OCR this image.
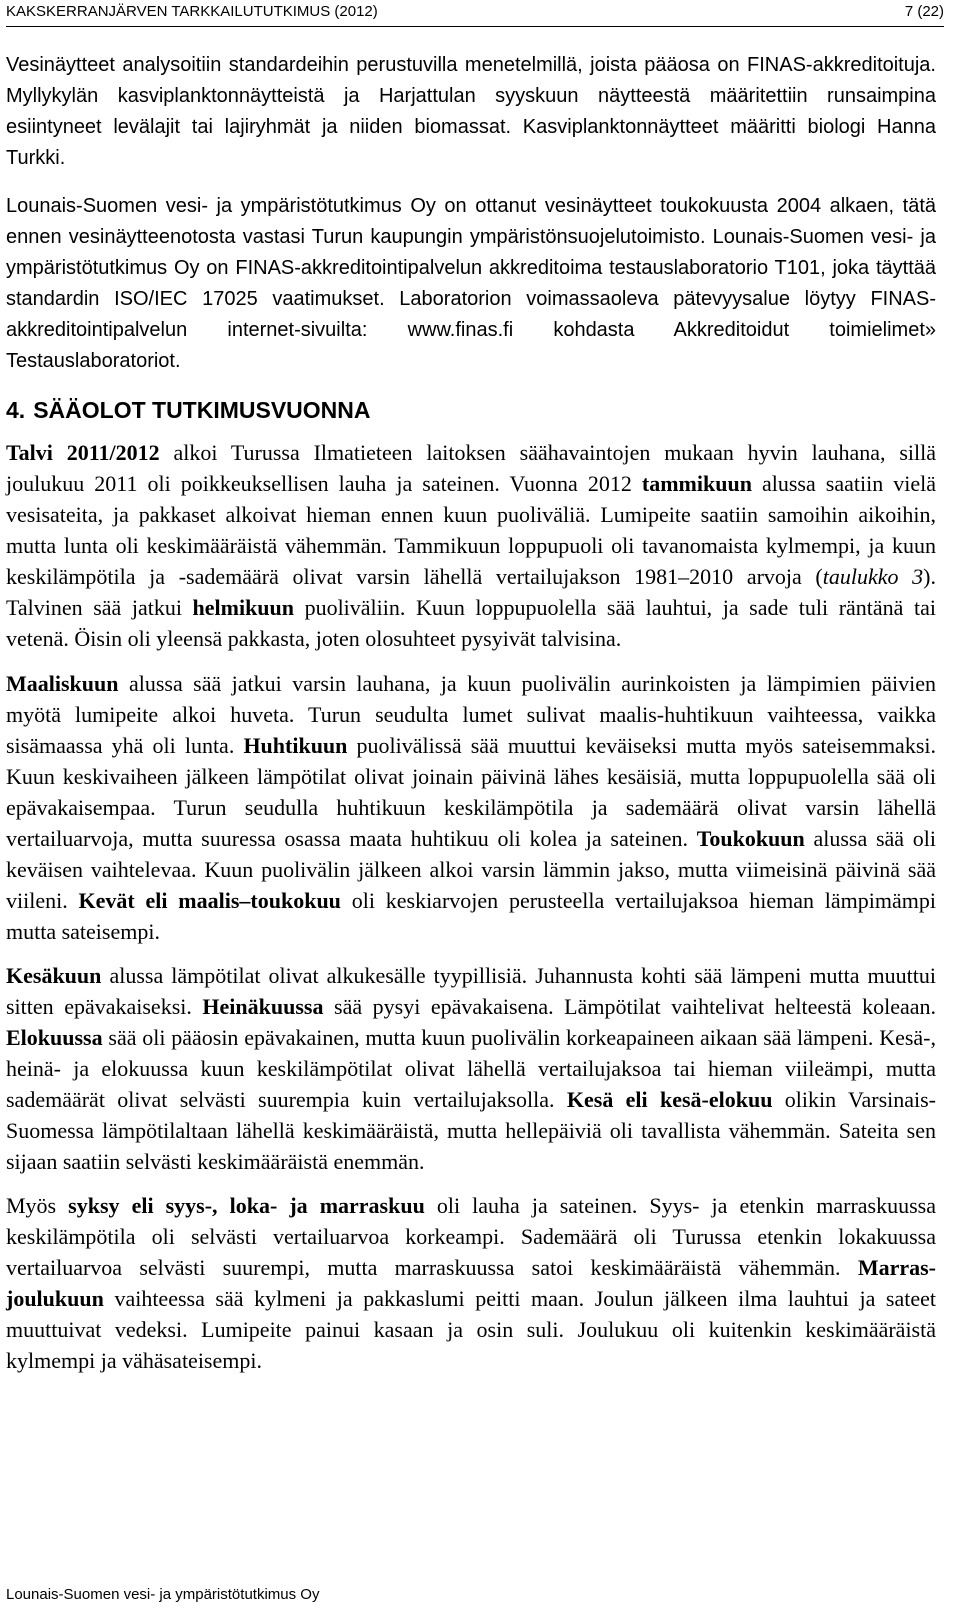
KAKSKERRANJÄRVEN TARKKAILUTUTKIMUS (2012)	7 (22)

Vesinäytteet analysoitiin standardeihin perustuvilla menetelmillä, joista pääosa on FINAS-akkreditoituja. Myllykylän kasviplanktonnäytteistä ja Harjattulan syyskuun näytteestä määritettiin runsaimpina esiintyneet levälajit tai lajiryhmät ja niiden biomassat. Kasviplanktonnäytteet määritti biologi Hanna Turkki.

Lounais-Suomen vesi- ja ympäristötutkimus Oy on ottanut vesinäytteet toukokuusta 2004 alkaen, tätä ennen vesinäytteenotosta vastasi Turun kaupungin ympäristönsuojelutoimisto. Lounais-Suomen vesi- ja ympäristötutkimus Oy on FINAS-akkreditointipalvelun akkreditoima testauslaboratorio T101, joka täyttää standardin ISO/IEC 17025 vaatimukset. Laboratorion voimassaoleva pätevyysalue löytyy FINAS-akkreditointipalvelun internet-sivuilta: www.finas.fi kohdasta Akkreditoidut toimielimet» Testauslaboratoriot.

4. SÄÄOLOT TUTKIMUSVUONNA

Talvi 2011/2012 alkoi Turussa Ilmatieteen laitoksen säähavaintojen mukaan hyvin lauhana, sillä joulukuu 2011 oli poikkeuksellisen lauha ja sateinen. Vuonna 2012 tammikuun alussa saatiin vielä vesisateita, ja pakkaset alkoivat hieman ennen kuun puoliväliä. Lumipeite saatiin samoihin aikoihin, mutta lunta oli keskimääräistä vähemmän. Tammikuun loppupuoli oli tavanomaista kylmempi, ja kuun keskilämpötila ja -sademäärä olivat varsin lähellä vertailujakson 1981–2010 arvoja (taulukko 3). Talvinen sää jatkui helmikuun puoliväliin. Kuun loppupuolella sää lauhtui, ja sade tuli räntänä tai vetenä. Öisin oli yleensä pakkasta, joten olosuhteet pysyivät talvisina.

Maaliskuun alussa sää jatkui varsin lauhana, ja kuun puolivälin aurinkoisten ja lämpimien päivien myötä lumipeite alkoi huveta. Turun seudulta lumet sulivat maalis-huhtikuun vaihteessa, vaikka sisämaassa yhä oli lunta. Huhtikuun puolivälissä sää muuttui keväiseksi mutta myös sateisemmaksi. Kuun keskivaiheen jälkeen lämpötilat olivat joinain päivinä lähes kesäisiä, mutta loppupuolella sää oli epävakaisempaa. Turun seudulla huhtikuun keskilämpötila ja sademäärä olivat varsin lähellä vertailuarvoja, mutta suuressa osassa maata huhtikuu oli kolea ja sateinen. Toukokuun alussa sää oli keväisen vaihtelevaa. Kuun puolivälin jälkeen alkoi varsin lämmin jakso, mutta viimeisinä päivinä sää viileni. Kevät eli maalis–toukokuu oli keskiarvojen perusteella vertailujaksoa hieman lämpimämpi mutta sateisempi.

Kesäkuun alussa lämpötilat olivat alkukesälle tyypillisiä. Juhannusta kohti sää lämpeni mutta muuttui sitten epävakaiseksi. Heinäkuussa sää pysyi epävakaisena. Lämpötilat vaihtelivat helteestä koleaan. Elokuussa sää oli pääosin epävakainen, mutta kuun puolivälin korkeapaineen aikaan sää lämpeni. Kesä-, heinä- ja elokuussa kuun keskilämpötilat olivat lähellä vertailujaksoa tai hieman viileämpi, mutta sademäärät olivat selvästi suurempia kuin vertailujaksolla. Kesä eli kesä-elokuu olikin Varsinais-Suomessa lämpötilaltaan lähellä keskimääräistä, mutta hellepäiviä oli tavallista vähemmän. Sateita sen sijaan saatiin selvästi keskimääräistä enemmän.

Myös syksy eli syys-, loka- ja marraskuu oli lauha ja sateinen. Syys- ja etenkin marraskuussa keskilämpötila oli selvästi vertailuarvoa korkeampi. Sademäärä oli Turussa etenkin lokakuussa vertailuarvoa selvästi suurempi, mutta marraskuussa satoi keskimääräistä vähemmän. Marras-joulukuun vaihteessa sää kylmeni ja pakkaslumi peitti maan. Joulun jälkeen ilma lauhtui ja sateet muuttuivat vedeksi. Lumipeite painui kasaan ja osin suli. Joulukuu oli kuitenkin keskimääräistä kylmempi ja vähäsateisempi.

Lounais-Suomen vesi- ja ympäristötutkimus Oy
